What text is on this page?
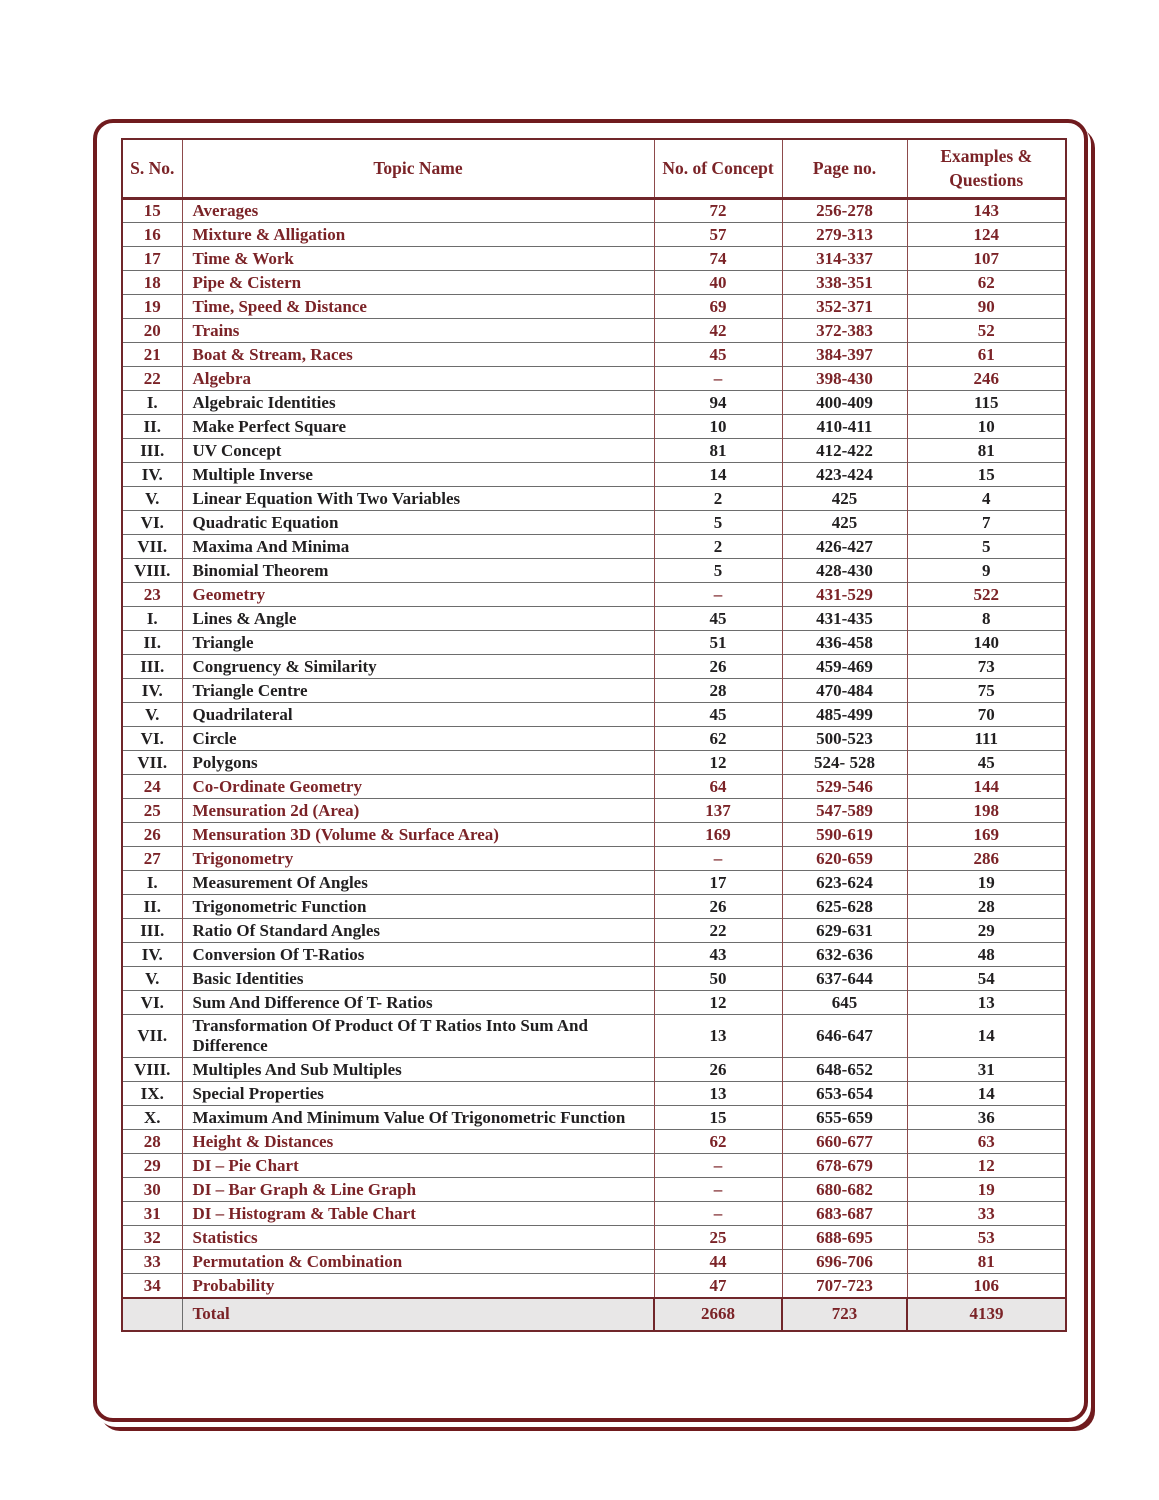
S. No.	Topic Name	No. of Concept	Page no.	Examples & Questions
15	Averages	72	256-278	143
16	Mixture & Alligation	57	279-313	124
17	Time & Work	74	314-337	107
18	Pipe & Cistern	40	338-351	62
19	Time, Speed & Distance	69	352-371	90
20	Trains	42	372-383	52
21	Boat & Stream, Races	45	384-397	61
22	Algebra	–	398-430	246
I.	Algebraic Identities	94	400-409	115
II.	Make Perfect Square	10	410-411	10
III.	UV Concept	81	412-422	81
IV.	Multiple Inverse	14	423-424	15
V.	Linear Equation With Two Variables	2	425	4
VI.	Quadratic Equation	5	425	7
VII.	Maxima And Minima	2	426-427	5
VIII.	Binomial Theorem	5	428-430	9
23	Geometry	–	431-529	522
I.	Lines & Angle	45	431-435	8
II.	Triangle	51	436-458	140
III.	Congruency & Similarity	26	459-469	73
IV.	Triangle Centre	28	470-484	75
V.	Quadrilateral	45	485-499	70
VI.	Circle	62	500-523	111
VII.	Polygons	12	524- 528	45
24	Co-Ordinate Geometry	64	529-546	144
25	Mensuration 2d (Area)	137	547-589	198
26	Mensuration 3D (Volume & Surface Area)	169	590-619	169
27	Trigonometry	–	620-659	286
I.	Measurement Of Angles	17	623-624	19
II.	Trigonometric Function	26	625-628	28
III.	Ratio Of Standard Angles	22	629-631	29
IV.	Conversion Of T-Ratios	43	632-636	48
V.	Basic Identities	50	637-644	54
VI.	Sum And Difference Of T- Ratios	12	645	13
VII.	Transformation Of Product Of T Ratios Into Sum And Difference	13	646-647	14
VIII.	Multiples And Sub Multiples	26	648-652	31
IX.	Special Properties	13	653-654	14
X.	Maximum And Minimum Value Of Trigonometric Function	15	655-659	36
28	Height & Distances	62	660-677	63
29	DI – Pie Chart	–	678-679	12
30	DI – Bar Graph & Line Graph	–	680-682	19
31	DI – Histogram & Table Chart	–	683-687	33
32	Statistics	25	688-695	53
33	Permutation & Combination	44	696-706	81
34	Probability	47	707-723	106
	Total	2668	723	4139
